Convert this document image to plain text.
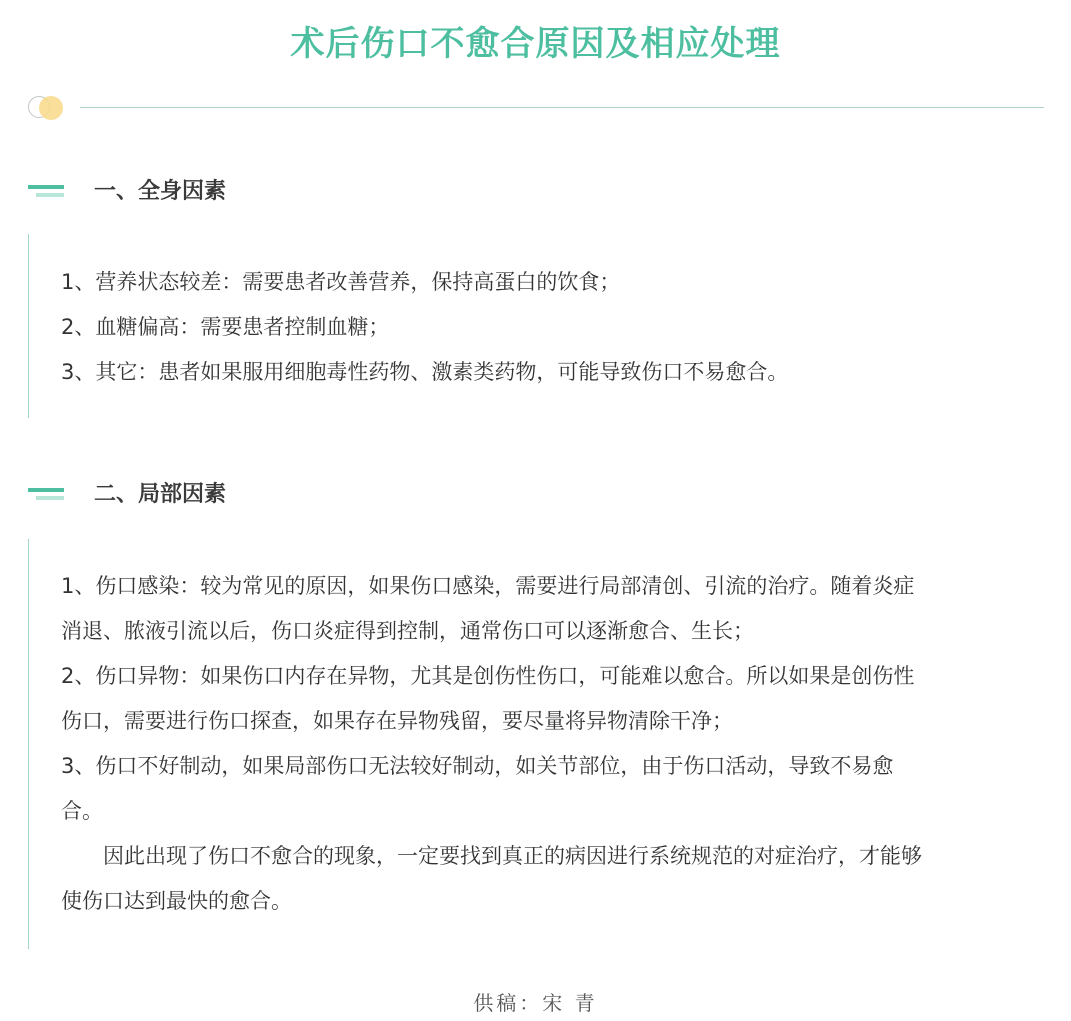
术后伤口不愈合原因及相应处理
一、全身因素

1、营养状态较差：需要患者改善营养，保持高蛋白的饮食；

2、血糖偏高：需要患者控制血糖；

3、其它：患者如果服用细胞毒性药物、激素类药物，可能导致伤口不易愈合。

二、局部因素

1、伤口感染：较为常见的原因，如果伤口感染，需要进行局部清创、引流的治疗。随着炎症

消退、脓液引流以后，伤口炎症得到控制，通常伤口可以逐渐愈合、生长；

2、伤口异物：如果伤口内存在异物，尤其是创伤性伤口，可能难以愈合。所以如果是创伤性

伤口，需要进行伤口探查，如果存在异物残留，要尽量将异物清除干净；

3、伤口不好制动，如果局部伤口无法较好制动，如关节部位，由于伤口活动，导致不易愈

合。

　　因此出现了伤口不愈合的现象，一定要找到真正的病因进行系统规范的对症治疗，才能够

使伤口达到最快的愈合。

供稿：宋 青
